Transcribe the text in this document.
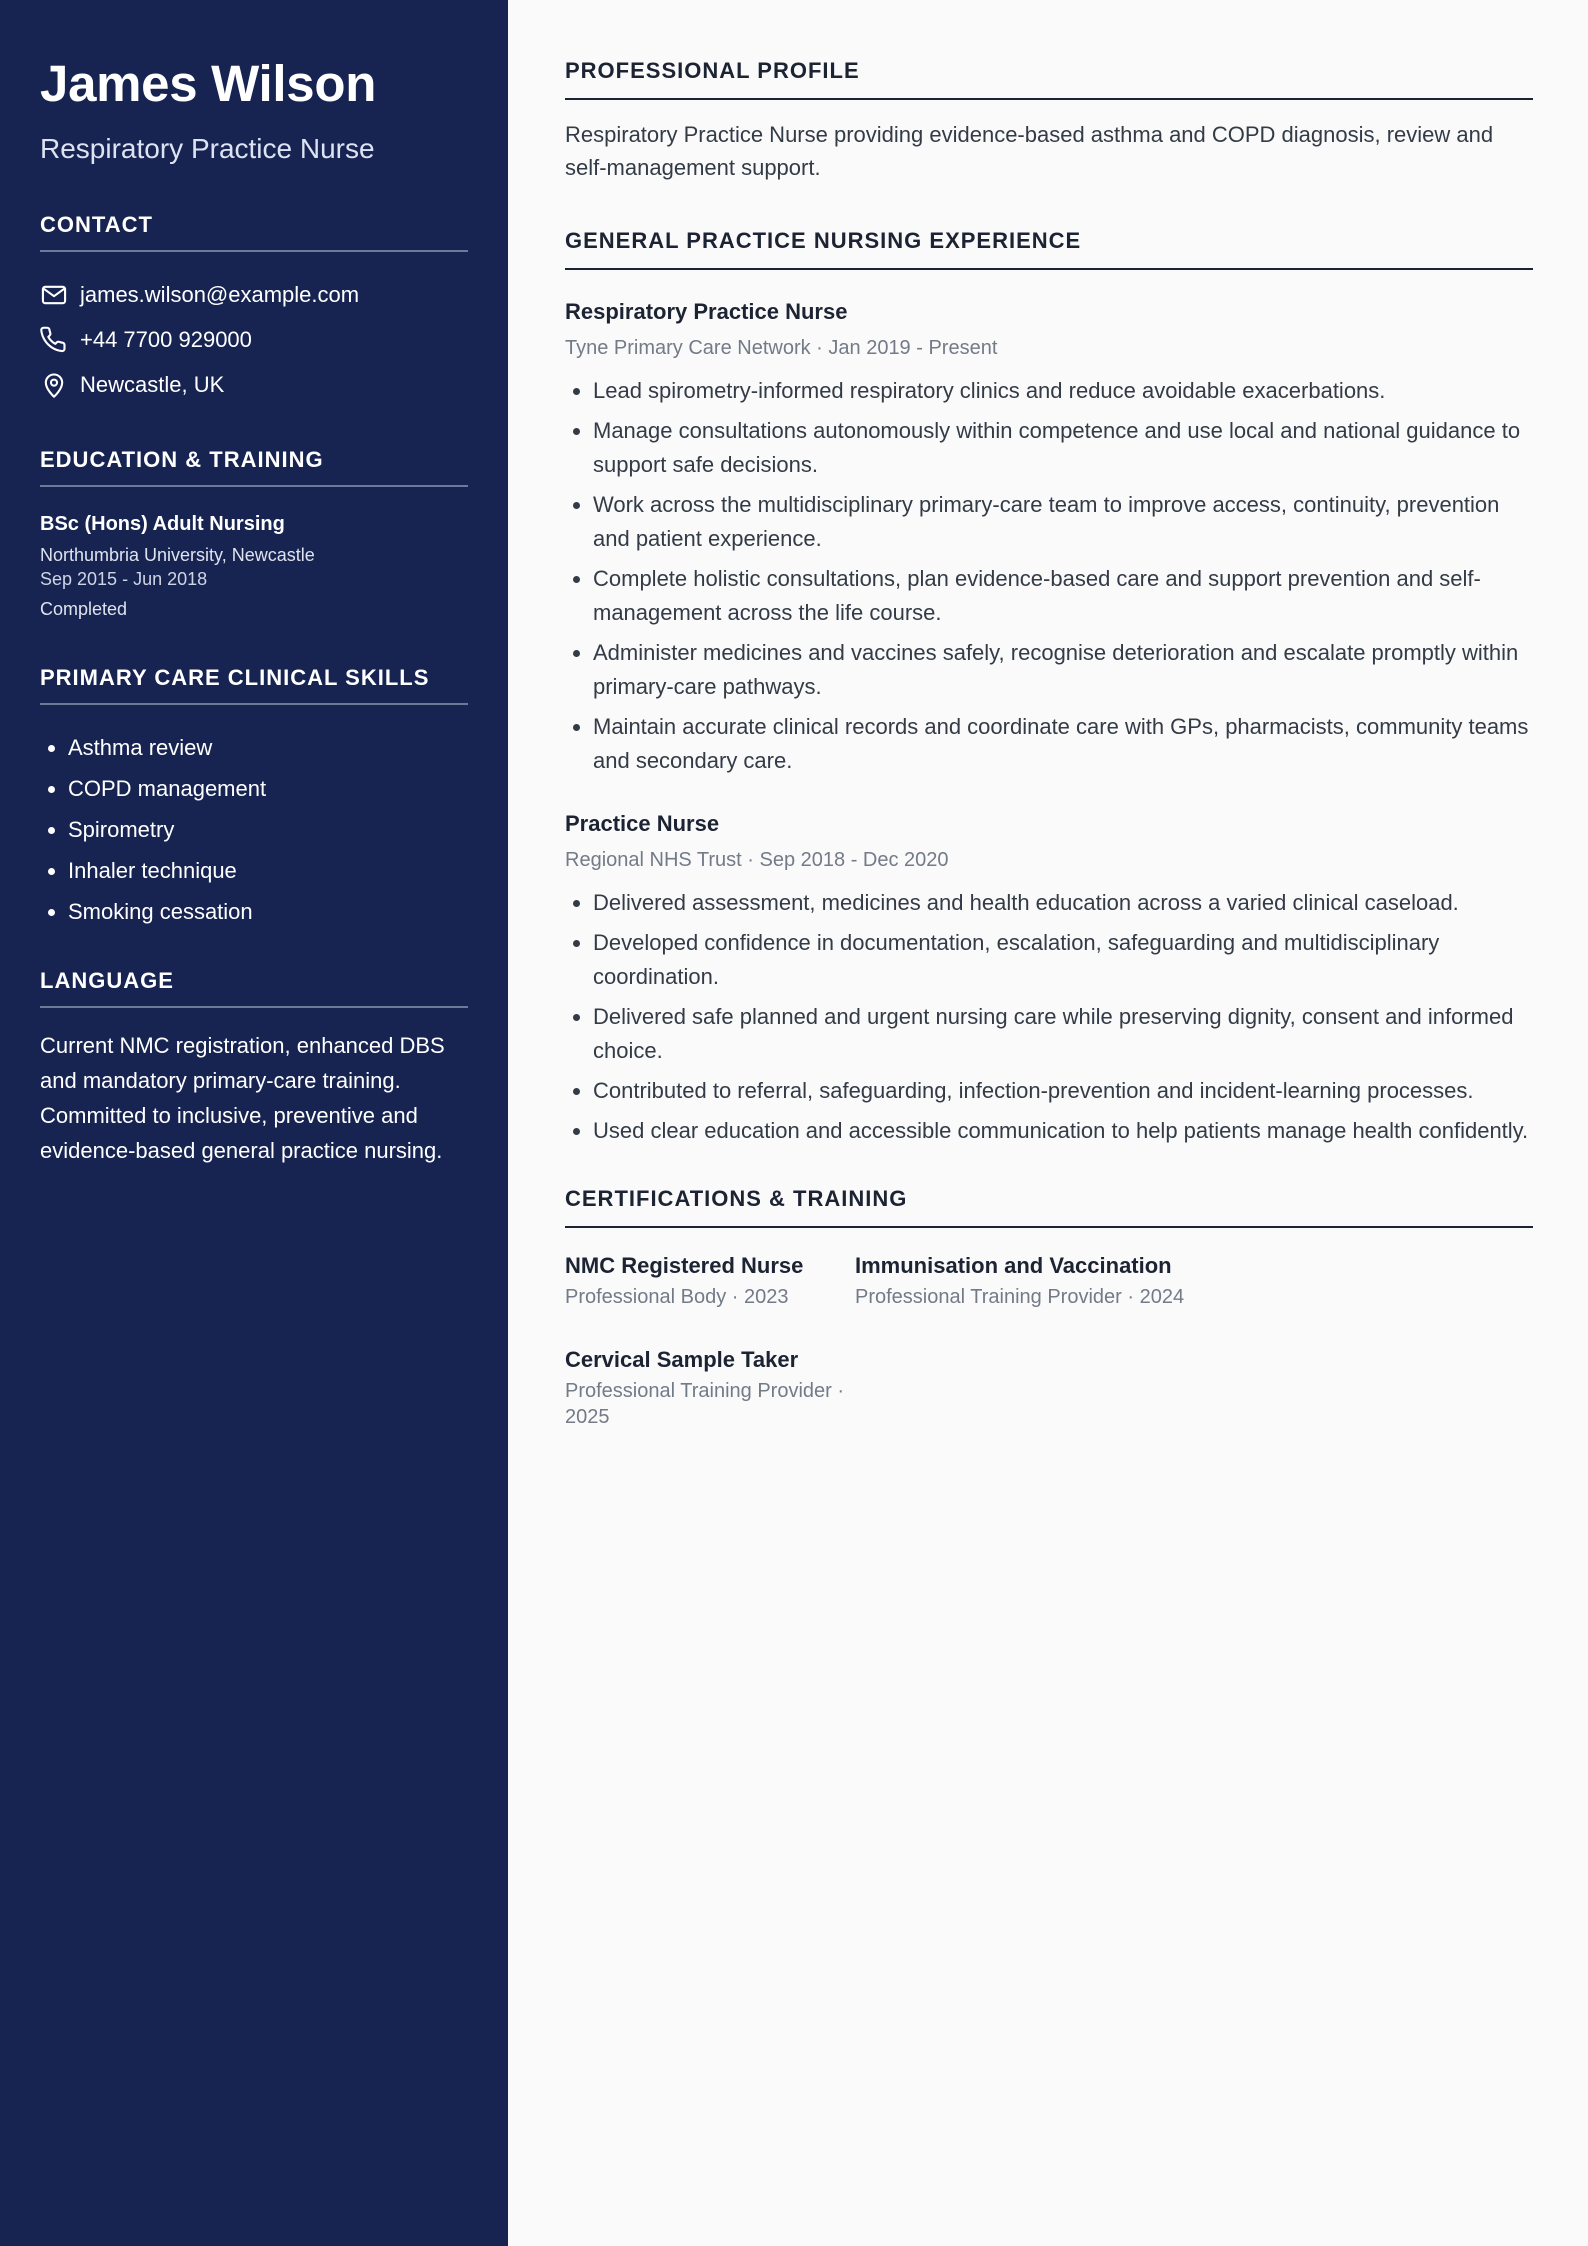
James Wilson
Respiratory Practice Nurse
CONTACT
james.wilson@example.com
+44 7700 929000
Newcastle, UK
EDUCATION & TRAINING
BSc (Hons) Adult Nursing
Northumbria University, Newcastle
Sep 2015 - Jun 2018
Completed
PRIMARY CARE CLINICAL SKILLS
• Asthma review
• COPD management
• Spirometry
• Inhaler technique
• Smoking cessation
LANGUAGE

Current NMC registration, enhanced DBS and mandatory primary-care training. Committed to inclusive, preventive and evidence-based general practice nursing.

PROFESSIONAL PROFILE

Respiratory Practice Nurse providing evidence-based asthma and COPD diagnosis, review and self-management support.

GENERAL PRACTICE NURSING EXPERIENCE
Respiratory Practice Nurse
Tyne Primary Care Network · Jan 2019 - Present
• Lead spirometry-informed respiratory clinics and reduce avoidable exacerbations.
• Manage consultations autonomously within competence and use local and national guidance to support safe decisions.
• Work across the multidisciplinary primary-care team to improve access, continuity, prevention and patient experience.
• Complete holistic consultations, plan evidence-based care and support prevention and self-management across the life course.
• Administer medicines and vaccines safely, recognise deterioration and escalate promptly within primary-care pathways.
• Maintain accurate clinical records and coordinate care with GPs, pharmacists, community teams and secondary care.
Practice Nurse
Regional NHS Trust · Sep 2018 - Dec 2020
• Delivered assessment, medicines and health education across a varied clinical caseload.
• Developed confidence in documentation, escalation, safeguarding and multidisciplinary coordination.
• Delivered safe planned and urgent nursing care while preserving dignity, consent and informed choice.
• Contributed to referral, safeguarding, infection-prevention and incident-learning processes.
• Used clear education and accessible communication to help patients manage health confidently.
CERTIFICATIONS & TRAINING
NMC Registered Nurse
Professional Body · 2023
Immunisation and Vaccination
Professional Training Provider · 2024
Cervical Sample Taker
Professional Training Provider · 2025
